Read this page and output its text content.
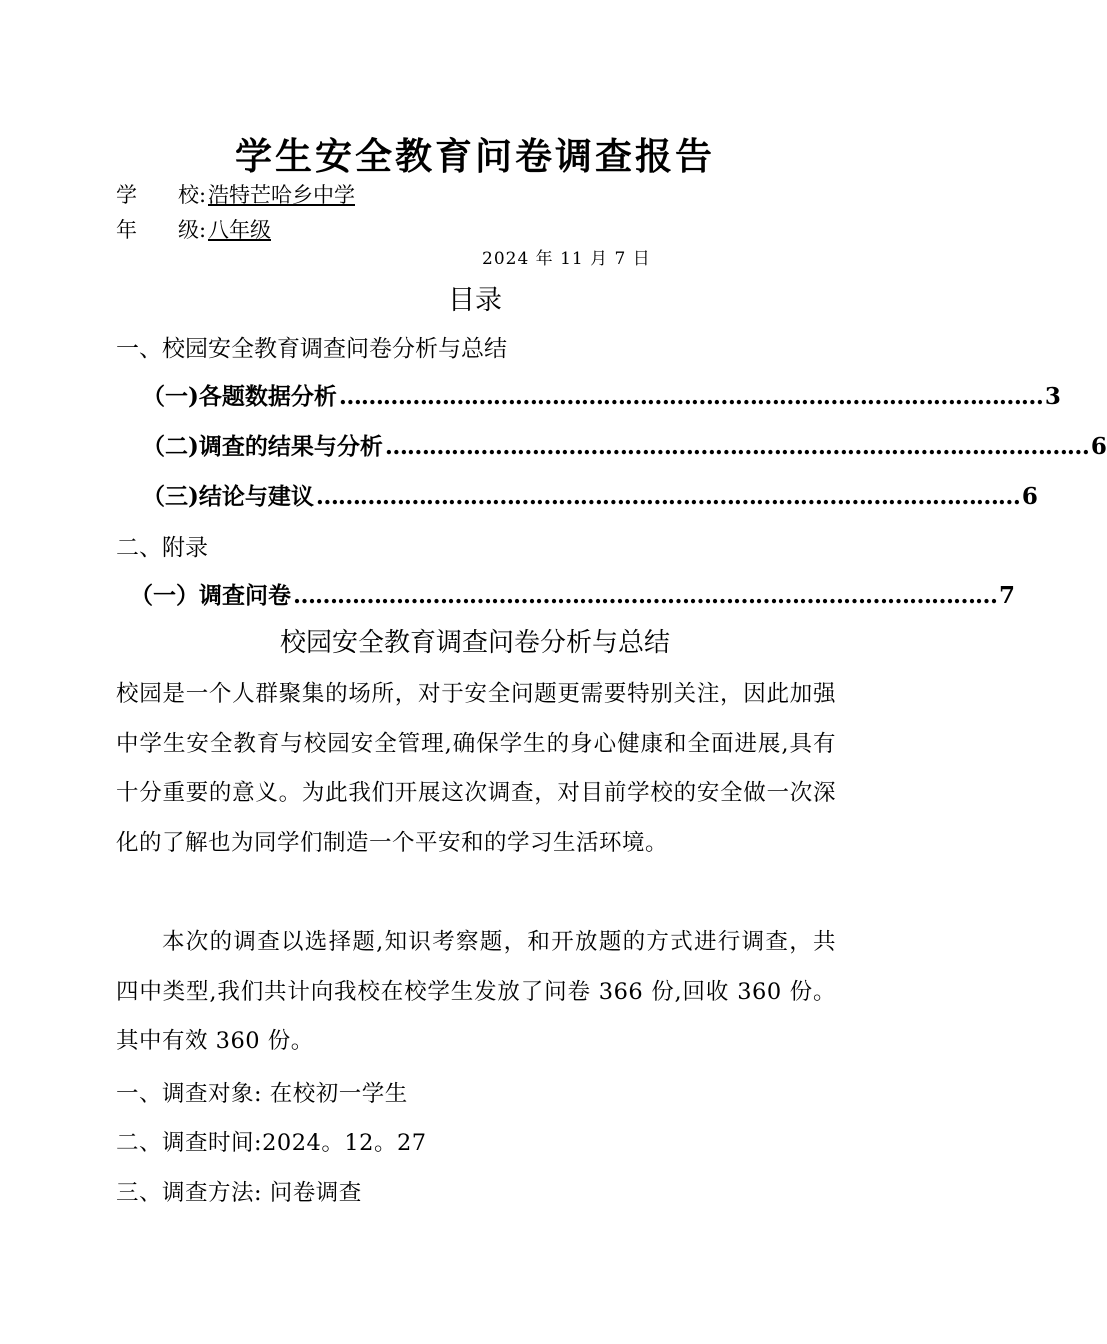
学生安全教育问卷调查报告
学 校:浩特芒哈乡中学
年 级:八年级
2024 年 11 月 7 日
目录
一、校园安全教育调查问卷分析与总结
（一)各题数据分析 …………………………………………………………………………………… 3
（二)调查的结果与分析 …………………………………………………………………………………… 6
（三)结论与建议 …………………………………………………………………………………… 6
二、附录
（一）调查问卷 …………………………………………………………………………………… 7
校园安全教育调查问卷分析与总结

校园是一个人群聚集的场所，对于安全问题更需要特别关注，因此加强中学生安全教育与校园安全管理,确保学生的身心健康和全面进展,具有十分重要的意义。为此我们开展这次调查，对目前学校的安全做一次深化的了解也为同学们制造一个平安和的学习生活环境。

本次的调查以选择题,知识考察题，和开放题的方式进行调查，共四中类型,我们共计向我校在校学生发放了问卷 366 份,回收 360 份。其中有效 360 份。

一、调查对象: 在校初一学生
二、调查时间:2024。12。27
三、调查方法: 问卷调查
